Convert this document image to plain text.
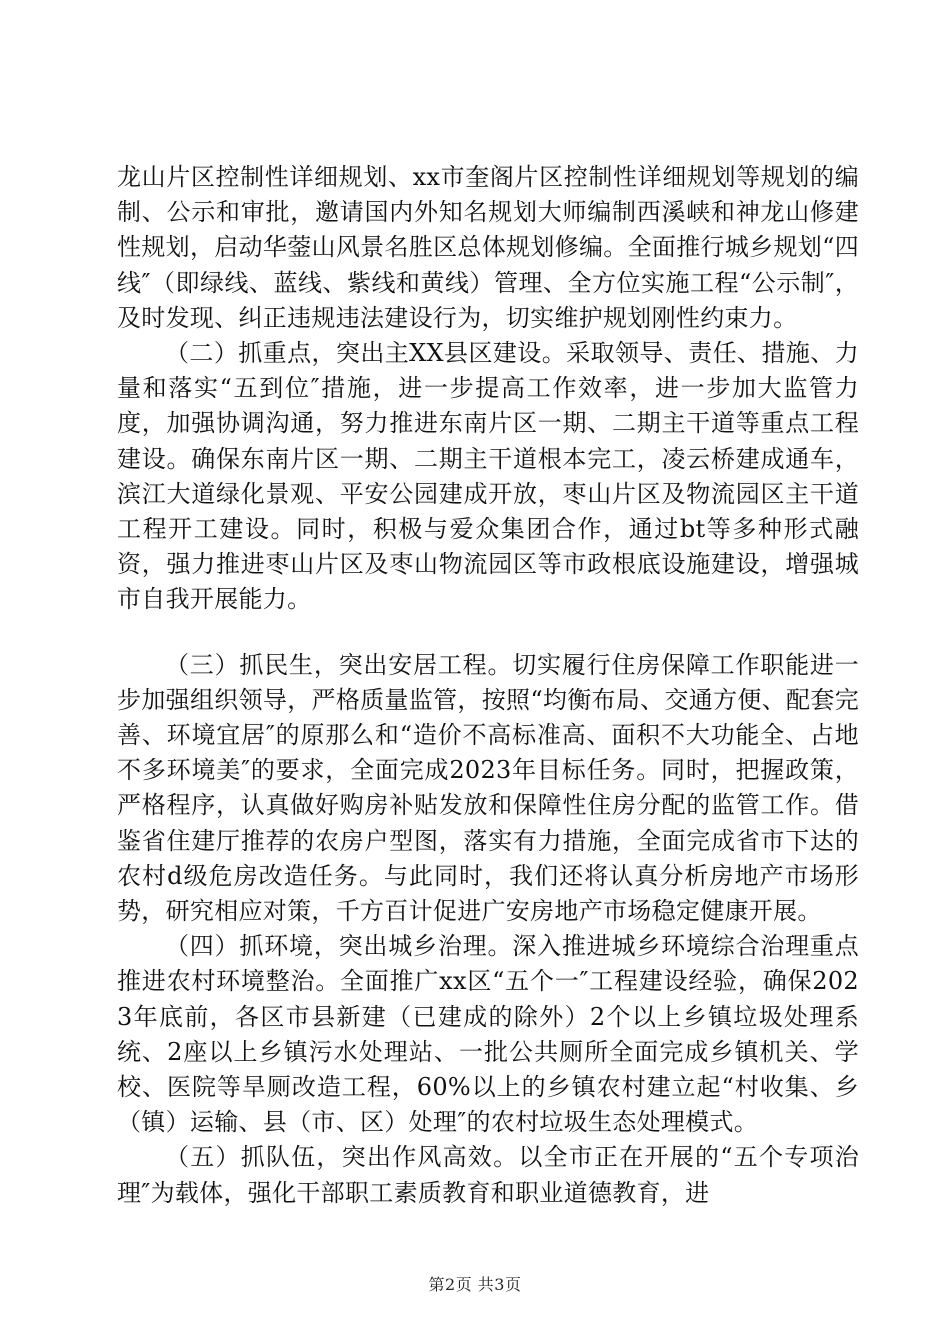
龙山片区控制性详细规划、xx市奎阁片区控制性详细规划等规划的编制、公示和审批，邀请国内外知名规划大师编制西溪峡和神龙山修建性规划，启动华蓥山风景名胜区总体规划修编。全面推行城乡规划“四线″（即绿线、蓝线、紫线和黄线）管理、全方位实施工程“公示制″，及时发现、纠正违规违法建设行为，切实维护规划刚性约束力。

（二）抓重点，突出主XX县区建设。采取领导、责任、措施、力量和落实“五到位″措施，进一步提高工作效率，进一步加大监管力度，加强协调沟通，努力推进东南片区一期、二期主干道等重点工程建设。确保东南片区一期、二期主干道根本完工，凌云桥建成通车，滨江大道绿化景观、平安公园建成开放，枣山片区及物流园区主干道工程开工建设。同时，积极与爱众集团合作，通过bt等多种形式融资，强力推进枣山片区及枣山物流园区等市政根底设施建设，增强城市自我开展能力。

（三）抓民生，突出安居工程。切实履行住房保障工作职能进一步加强组织领导，严格质量监管，按照“均衡布局、交通方便、配套完善、环境宜居″的原那么和“造价不高标准高、面积不大功能全、占地不多环境美″的要求，全面完成2023年目标任务。同时，把握政策，严格程序，认真做好购房补贴发放和保障性住房分配的监管工作。借鉴省住建厅推荐的农房户型图，落实有力措施，全面完成省市下达的农村d级危房改造任务。与此同时，我们还将认真分析房地产市场形势，研究相应对策，千方百计促进广安房地产市场稳定健康开展。

（四）抓环境，突出城乡治理。深入推进城乡环境综合治理重点推进农村环境整治。全面推广xx区“五个一″工程建设经验，确保2023年底前，各区市县新建（已建成的除外）2个以上乡镇垃圾处理系统、2座以上乡镇污水处理站、一批公共厕所全面完成乡镇机关、学校、医院等旱厕改造工程，60%以上的乡镇农村建立起“村收集、乡（镇）运输、县（市、区）处理″的农村垃圾生态处理模式。

（五）抓队伍，突出作风高效。以全市正在开展的“五个专项治理″为载体，强化干部职工素质教育和职业道德教育，进

第2页 共3页
